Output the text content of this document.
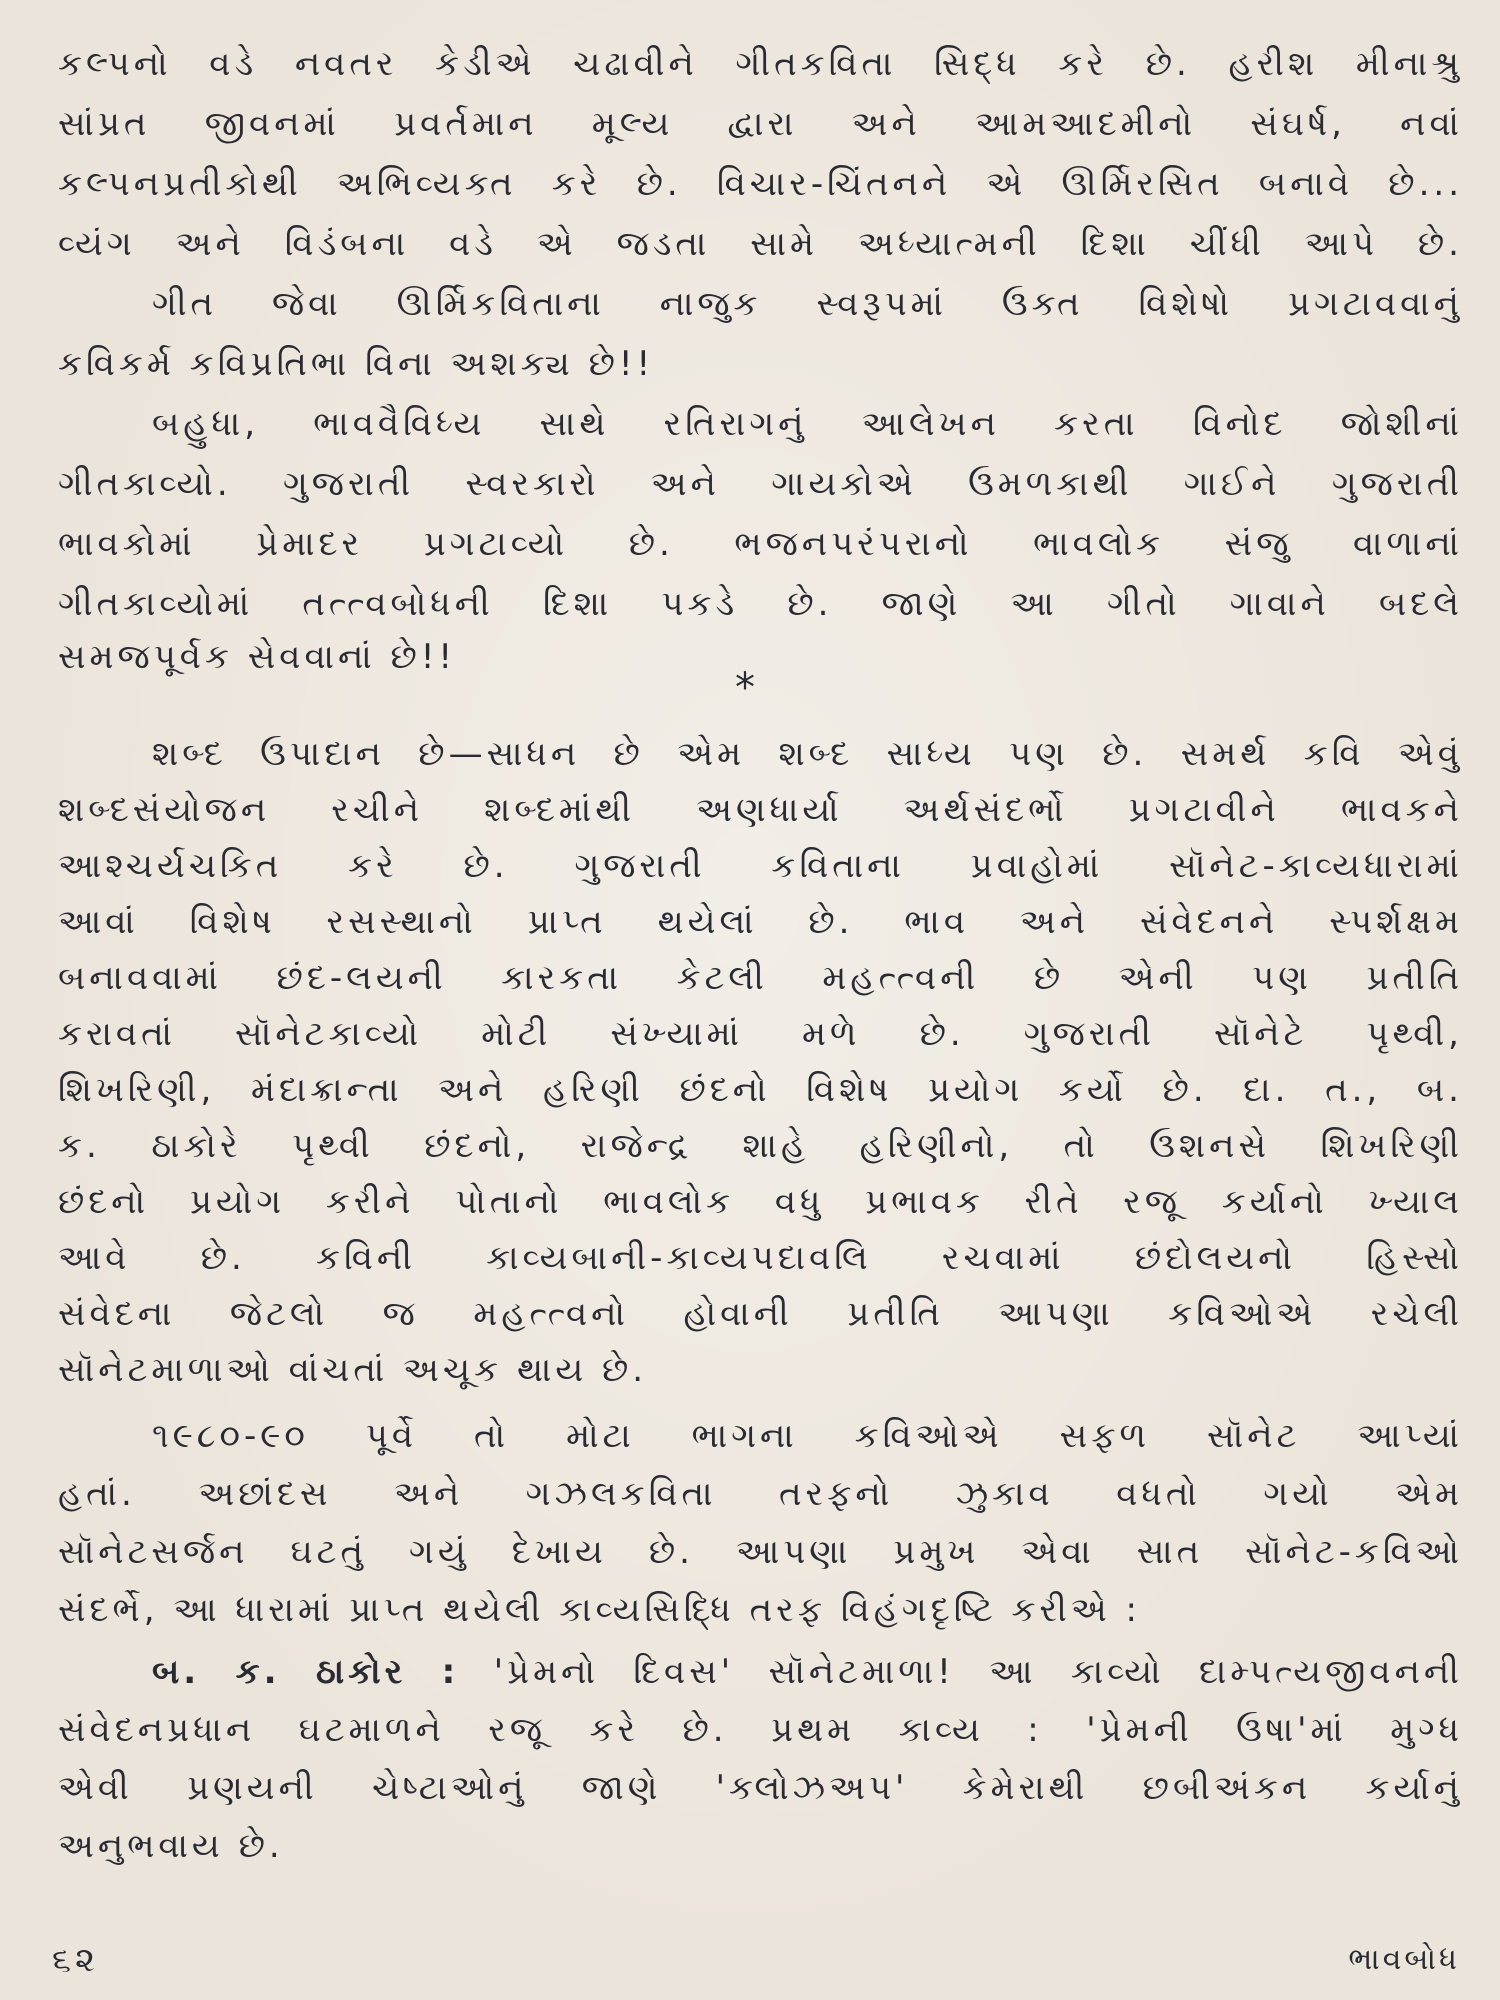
કલ્પનો વડે નવતર કેડીએ ચઢાવીને ગીતકવિતા સિદ્ધ કરે છે. હરીશ મીનાશ્રુ
સાંપ્રત જીવનમાં પ્રવર્તમાન મૂલ્ય દ્વારા અને આમઆદમીનો સંઘર્ષ, નવાં
કલ્પનપ્રતીકોથી અભિવ્યક્ત કરે છે. વિચાર-ચિંતનને એ ઊર્મિરસિત બનાવે છે...
વ્યંગ અને વિડંબના વડે એ જડતા સામે અધ્યાત્મની દિશા ચીંધી આપે છે.
ગીત જેવા ઊર્મિકવિતાના નાજુક સ્વરૂપમાં ઉક્ત વિશેષો પ્રગટાવવાનું
કવિકર્મ કવિપ્રતિભા વિના અશક્ય છે!!
બહુધા, ભાવવૈવિધ્ય સાથે રતિરાગનું આલેખન કરતા વિનોદ જોશીનાં
ગીતકાવ્યો. ગુજરાતી સ્વરકારો અને ગાયકોએ ઉમળકાથી ગાઈને ગુજરાતી
ભાવકોમાં પ્રેમાદર પ્રગટાવ્યો છે. ભજનપરંપરાનો ભાવલોક સંજુ વાળાનાં
ગીતકાવ્યોમાં તત્ત્વબોધની દિશા પકડે છે. જાણે આ ગીતો ગાવાને બદલે
સમજપૂર્વક સેવવાનાં છે!!
*
શબ્દ ઉપાદાન છે—સાધન છે એમ શબ્દ સાધ્ય પણ છે. સમર્થ કવિ એવું
શબ્દસંયોજન રચીને શબ્દમાંથી અણધાર્યા અર્થસંદર્ભો પ્રગટાવીને ભાવકને
આશ્ચર્યચકિત કરે છે. ગુજરાતી કવિતાના પ્રવાહોમાં સૉનેટ-કાવ્યધારામાં
આવાં વિશેષ રસસ્થાનો પ્રાપ્ત થયેલાં છે. ભાવ અને સંવેદનને સ્પર્શક્ષમ
બનાવવામાં છંદ-લયની કારકતા કેટલી મહત્ત્વની છે એની પણ પ્રતીતિ
કરાવતાં સૉનેટકાવ્યો મોટી સંખ્યામાં મળે છે. ગુજરાતી સૉનેટે પૃથ્વી,
શિખરિણી, મંદાક્રાન્તા અને હરિણી છંદનો વિશેષ પ્રયોગ કર્યો છે. દા. ત., બ.
ક. ઠાકોરે પૃથ્વી છંદનો, રાજેન્દ્ર શાહે હરિણીનો, તો ઉશનસે શિખરિણી
છંદનો પ્રયોગ કરીને પોતાનો ભાવલોક વધુ પ્રભાવક રીતે રજૂ કર્યાનો ખ્યાલ
આવે છે. કવિની કાવ્યબાની-કાવ્યપદાવલિ રચવામાં છંદોલયનો હિસ્સો
સંવેદના જેટલો જ મહત્ત્વનો હોવાની પ્રતીતિ આપણા કવિઓએ રચેલી
સૉનેટમાળાઓ વાંચતાં અચૂક થાય છે.
૧૯૮૦-૯૦ પૂર્વે તો મોટા ભાગના કવિઓએ સફળ સૉનેટ આપ્યાં
હતાં. અછાંદસ અને ગઝલકવિતા તરફનો ઝુકાવ વધતો ગયો એમ
સૉનેટસર્જન ઘટતું ગયું દેખાય છે. આપણા પ્રમુખ એવા સાત સૉનેટ-કવિઓ
સંદર્ભે, આ ધારામાં પ્રાપ્ત થયેલી કાવ્યસિદ્ધિ તરફ વિહંગદૃષ્ટિ કરીએ :
બ. ક. ઠાકોર : 'પ્રેમનો દિવસ' સૉનેટમાળા! આ કાવ્યો દામ્પત્યજીવનની
સંવેદનપ્રધાન ઘટમાળને રજૂ કરે છે. પ્રથમ કાવ્ય : 'પ્રેમની ઉષા'માં મુગ્ધ
એવી પ્રણયની ચેષ્ટાઓનું જાણે 'ક્લોઝઅપ' કેમેરાથી છબીઅંકન કર્યાનું
અનુભવાય છે.
૬૨	ભાવબોધ
